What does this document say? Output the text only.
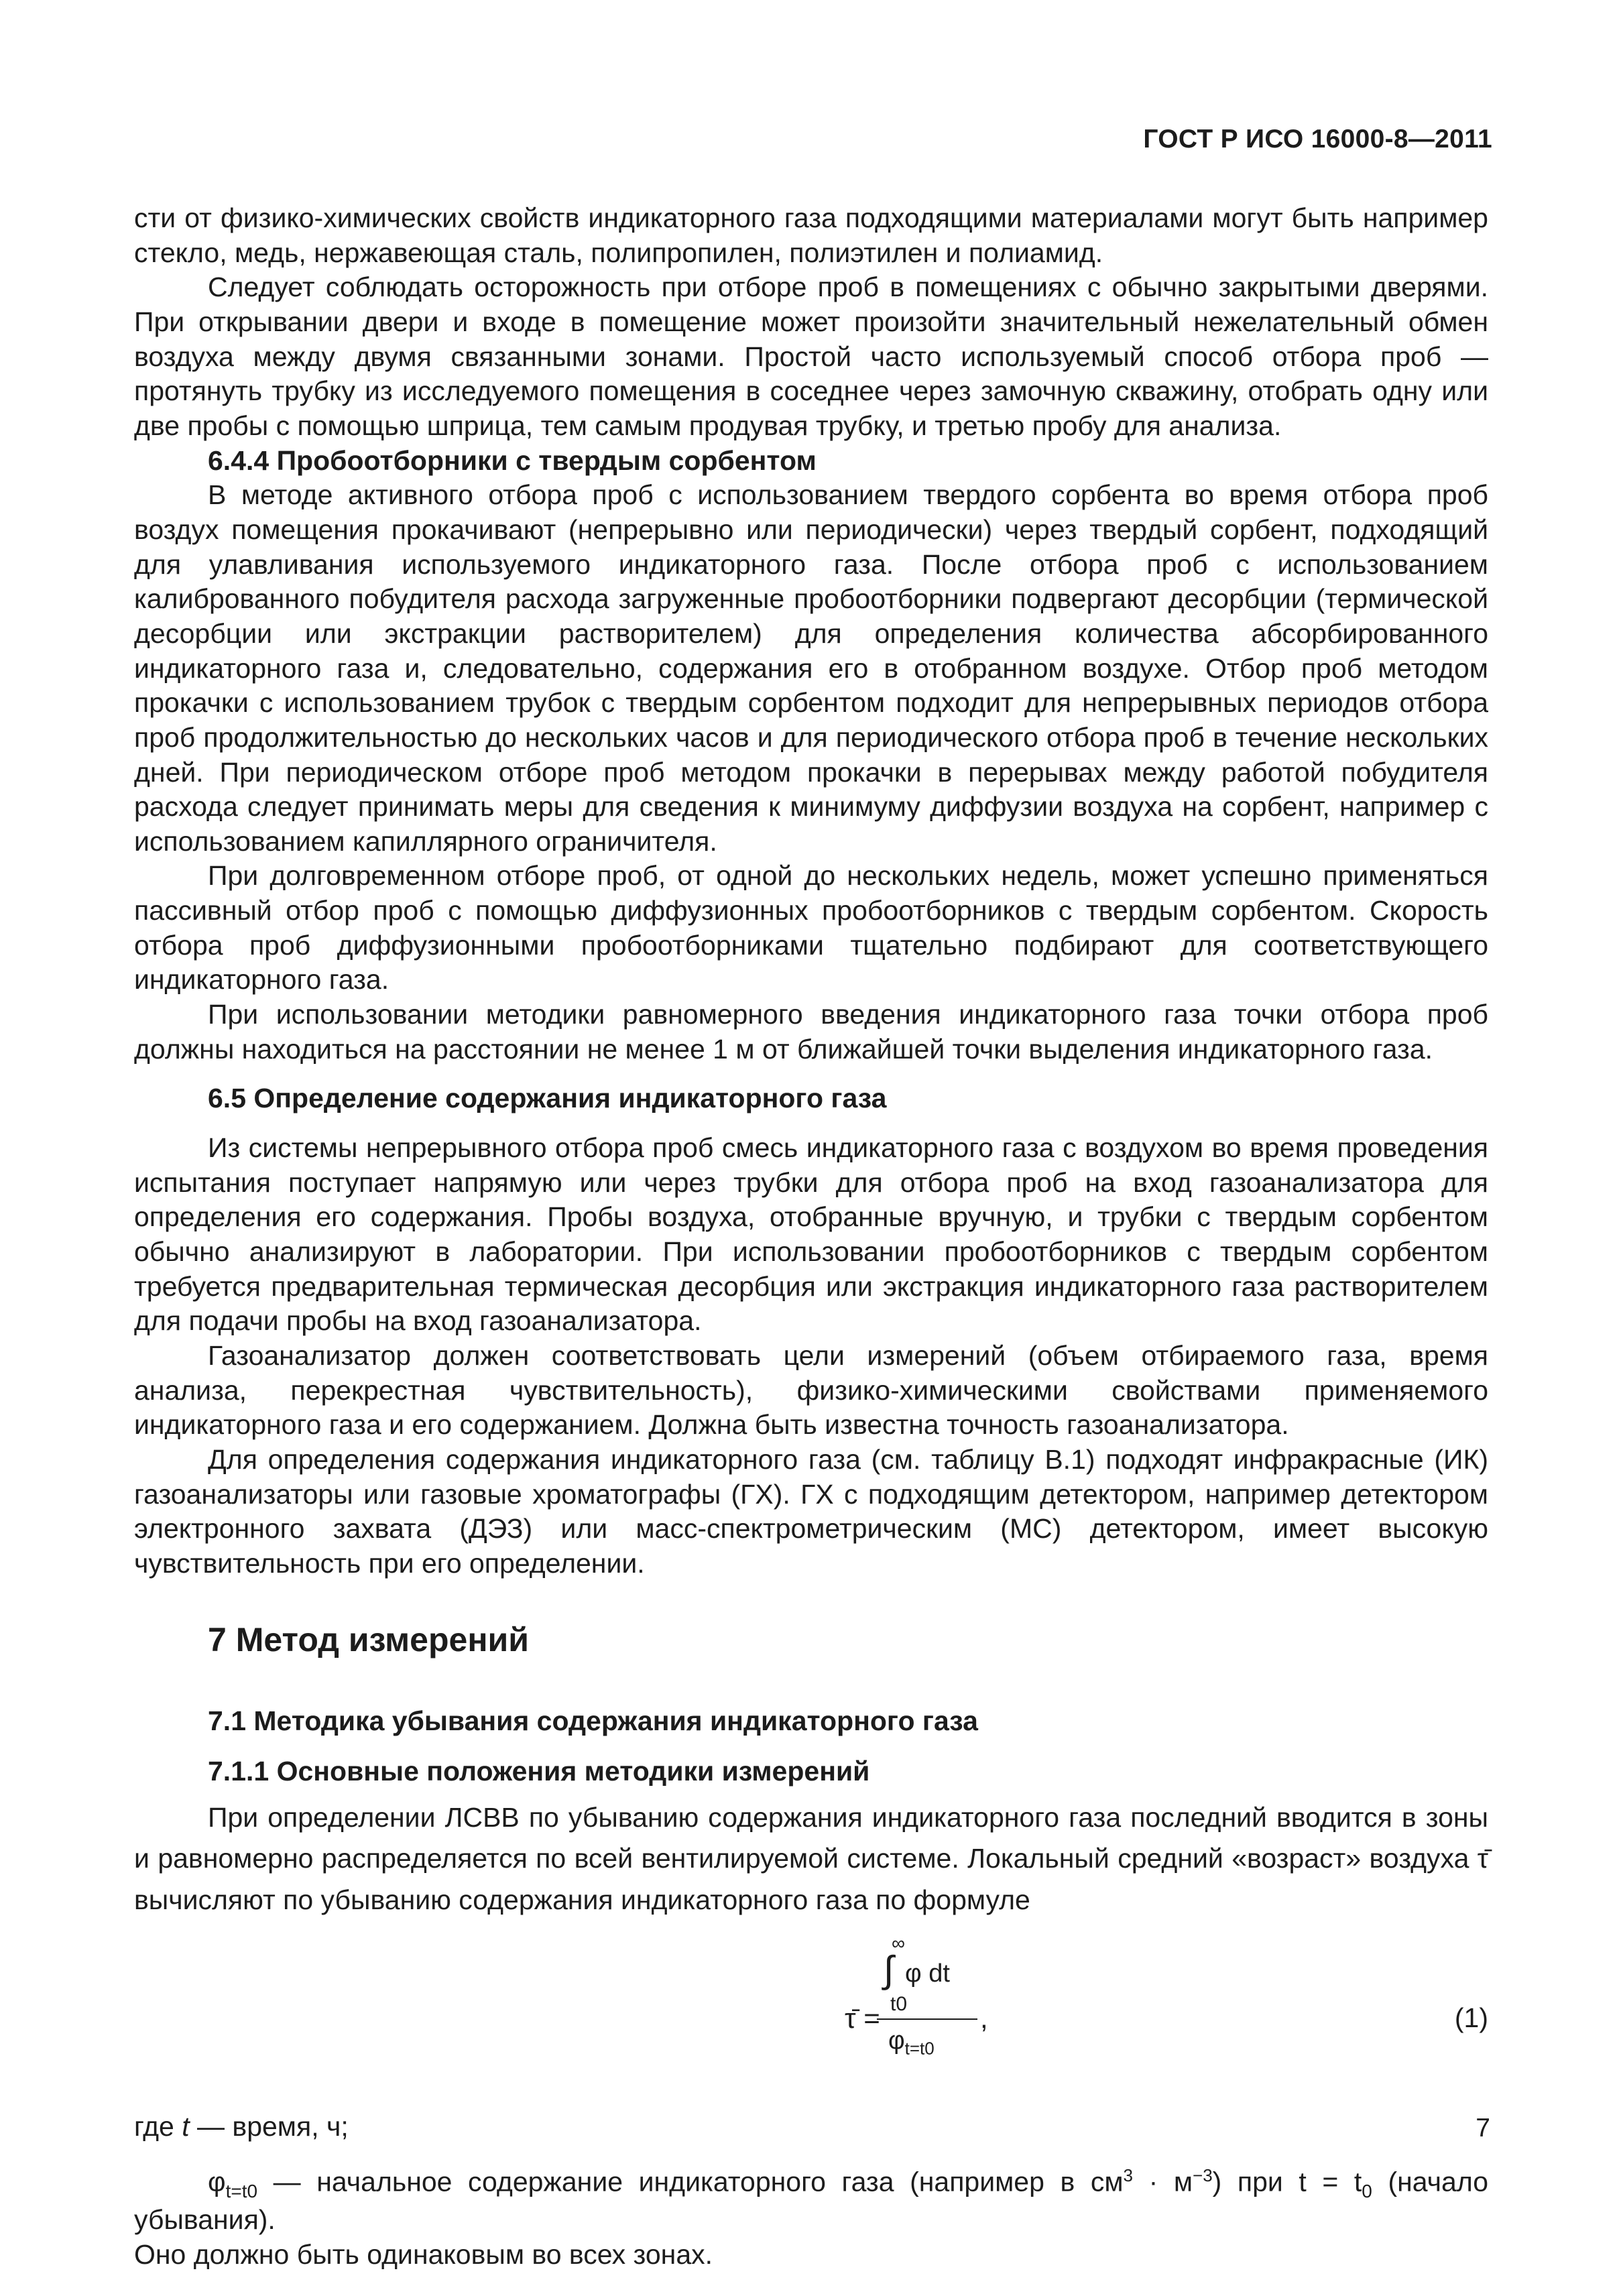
ГОСТ Р ИСО 16000-8—2011

сти от физико-химических свойств индикаторного газа подходящими материалами могут быть например стекло, медь, нержавеющая сталь, полипропилен, полиэтилен и полиамид.

Следует соблюдать осторожность при отборе проб в помещениях с обычно закрытыми дверями. При открывании двери и входе в помещение может произойти значительный нежелательный обмен воздуха между двумя связанными зонами. Простой часто используемый способ отбора проб — протянуть трубку из исследуемого помещения в соседнее через замочную скважину, отобрать одну или две пробы с помощью шприца, тем самым продувая трубку, и третью пробу для анализа.

6.4.4 Пробоотборники с твердым сорбентом

В методе активного отбора проб с использованием твердого сорбента во время отбора проб воздух помещения прокачивают (непрерывно или периодически) через твердый сорбент, подходящий для улавливания используемого индикаторного газа. После отбора проб с использованием калиброванного побудителя расхода загруженные пробоотборники подвергают десорбции (термической десорбции или экстракции растворителем) для определения количества абсорбированного индикаторного газа и, следовательно, содержания его в отобранном воздухе. Отбор проб методом прокачки с использованием трубок с твердым сорбентом подходит для непрерывных периодов отбора проб продолжительностью до нескольких часов и для периодического отбора проб в течение нескольких дней. При периодическом отборе проб методом прокачки в перерывах между работой побудителя расхода следует принимать меры для сведения к минимуму диффузии воздуха на сорбент, например с использованием капиллярного ограничителя.

При долговременном отборе проб, от одной до нескольких недель, может успешно применяться пассивный отбор проб с помощью диффузионных пробоотборников с твердым сорбентом. Скорость отбора проб диффузионными пробоотборниками тщательно подбирают для соответствующего индикаторного газа.

При использовании методики равномерного введения индикаторного газа точки отбора проб должны находиться на расстоянии не менее 1 м от ближайшей точки выделения индикаторного газа.

6.5 Определение содержания индикаторного газа

Из системы непрерывного отбора проб смесь индикаторного газа с воздухом во время проведения испытания поступает напрямую или через трубки для отбора проб на вход газоанализатора для определения его содержания. Пробы воздуха, отобранные вручную, и трубки с твердым сорбентом обычно анализируют в лаборатории. При использовании пробоотборников с твердым сорбентом требуется предварительная термическая десорбция или экстракция индикаторного газа растворителем для подачи пробы на вход газоанализатора.

Газоанализатор должен соответствовать цели измерений (объем отбираемого газа, время анализа, перекрестная чувствительность), физико-химическими свойствами применяемого индикаторного газа и его содержанием. Должна быть известна точность газоанализатора.

Для определения содержания индикаторного газа (см. таблицу В.1) подходят инфракрасные (ИК) газоанализаторы или газовые хроматографы (ГХ). ГХ с подходящим детектором, например детектором электронного захвата (ДЭЗ) или масс-спектрометрическим (МС) детектором, имеет высокую чувствительность при его определении.

7 Метод измерений
7.1 Методика убывания содержания индикаторного газа
7.1.1 Основные положения методики измерений

При определении ЛСВВ по убыванию содержания индикаторного газа последний вводится в зоны и равномерно распределяется по всей вентилируемой системе. Локальный средний «возраст» воздуха τ̄ вычисляют по убыванию содержания индикаторного газа по формуле

∞
∫ φ dt
t0
τ̄ =
$\varphi_{t=t0}$
,	(1)

где t — время, ч;

$\varphi_{t=t0}$ — начальное содержание индикаторного газа (например в $см^3 \cdot м^{-3}$) при $t = t_0$ (начало убывания).

Оно должно быть одинаковым во всех зонах.

7
